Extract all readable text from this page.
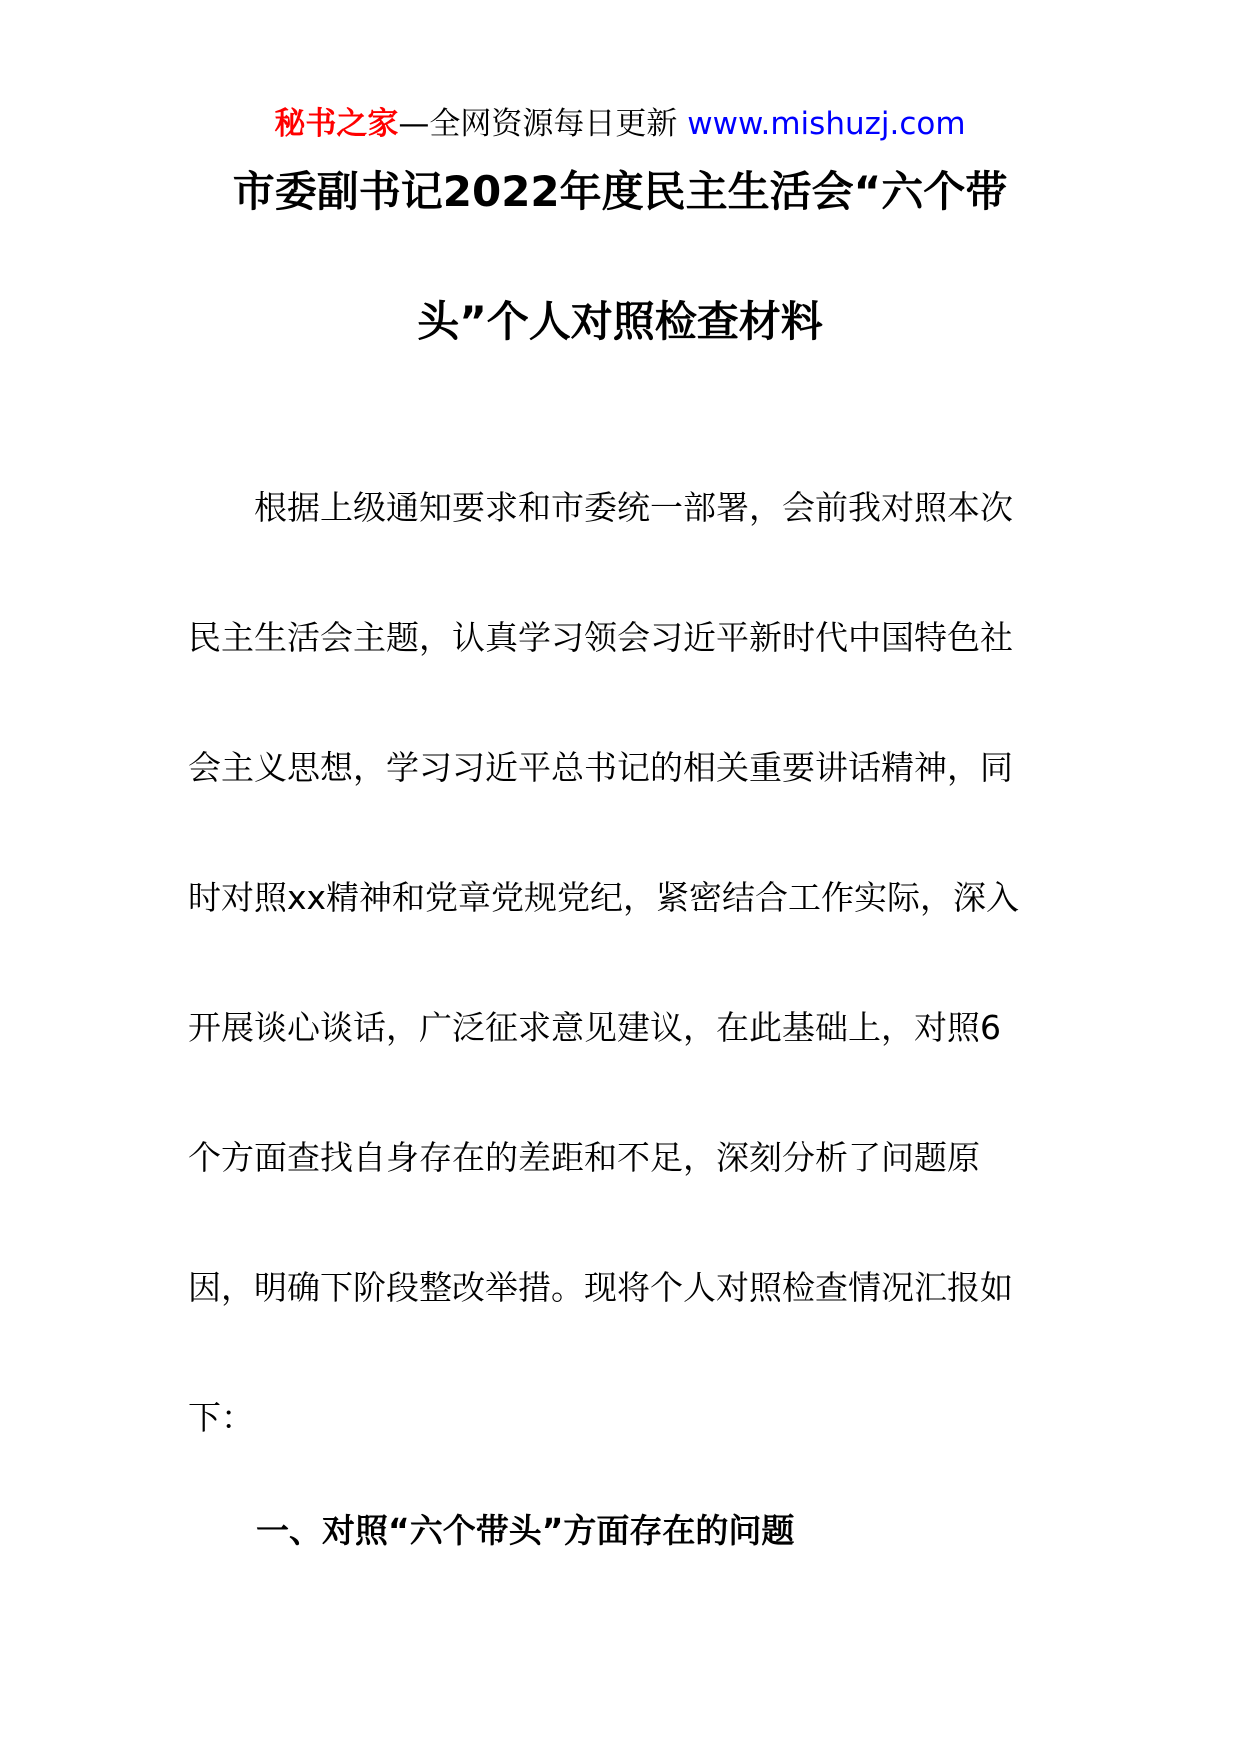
秘书之家—全网资源每日更新 www.mishuzj.com
市委副书记2022年度民主生活会“六个带
头”个人对照检查材料
根据上级通知要求和市委统一部署，会前我对照本次
民主生活会主题，认真学习领会习近平新时代中国特色社
会主义思想，学习习近平总书记的相关重要讲话精神，同
时对照xx精神和党章党规党纪，紧密结合工作实际，深入
开展谈心谈话，广泛征求意见建议，在此基础上，对照6
个方面查找自身存在的差距和不足，深刻分析了问题原
因，明确下阶段整改举措。现将个人对照检查情况汇报如
下：
一、对照“六个带头”方面存在的问题
